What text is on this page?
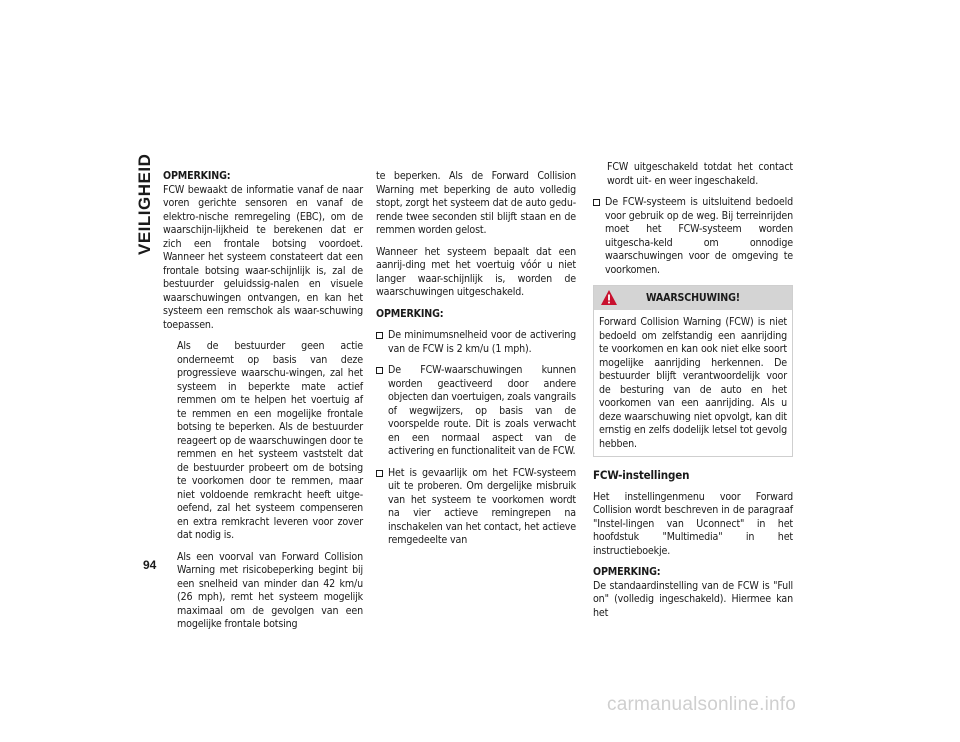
VEILIGHEID
94

OPMERKING:

FCW bewaakt de informatie vanaf de naar voren gerichte sensoren en vanaf de elektro-nische remregeling (EBC), om de waarschijn-lijkheid te berekenen dat er zich een frontale botsing voordoet. Wanneer het systeem constateert dat een frontale botsing waar-schijnlijk is, zal de bestuurder geluidssig-nalen en visuele waarschuwingen ontvangen, en kan het systeem een remschok als waar-schuwing toepassen.

Als de bestuurder geen actie onderneemt op basis van deze progressieve waarschu-wingen, zal het systeem in beperkte mate actief remmen om te helpen het voertuig af te remmen en een mogelijke frontale botsing te beperken. Als de bestuurder reageert op de waarschuwingen door te remmen en het systeem vaststelt dat de bestuurder probeert om de botsing te voorkomen door te remmen, maar niet voldoende remkracht heeft uitge-oefend, zal het systeem compenseren en extra remkracht leveren voor zover dat nodig is.

Als een voorval van Forward Collision Warning met risicobeperking begint bij een snelheid van minder dan 42 km/u (26 mph), remt het systeem mogelijk maximaal om de gevolgen van een mogelijke frontale botsing

te beperken. Als de Forward Collision Warning met beperking de auto volledig stopt, zorgt het systeem dat de auto gedu-rende twee seconden stil blijft staan en de remmen worden gelost.

Wanneer het systeem bepaalt dat een aanrij-ding met het voertuig vóór u niet langer waar-schijnlijk is, worden de waarschuwingen uitgeschakeld.

OPMERKING:

De minimumsnelheid voor de activering van de FCW is 2 km/u (1 mph).
De FCW-waarschuwingen kunnen worden geactiveerd door andere objecten dan voertuigen, zoals vangrails of wegwijzers, op basis van de voorspelde route. Dit is zoals verwacht en een normaal aspect van de activering en functionaliteit van de FCW.
Het is gevaarlijk om het FCW-systeem uit te proberen. Om dergelijke misbruik van het systeem te voorkomen wordt na vier actieve remingrepen na inschakelen van het contact, het actieve remgedeelte van

FCW uitgeschakeld totdat het contact wordt uit- en weer ingeschakeld.

De FCW-systeem is uitsluitend bedoeld voor gebruik op de weg. Bij terreinrijden moet het FCW-systeem worden uitgescha-keld om onnodige waarschuwingen voor de omgeving te voorkomen.
WAARSCHUWING!
Forward Collision Warning (FCW) is niet bedoeld om zelfstandig een aanrijding te voorkomen en kan ook niet elke soort mogelijke aanrijding herkennen. De bestuurder blijft verantwoordelijk voor de besturing van de auto en het voorkomen van een aanrijding. Als u deze waarschuwing niet opvolgt, kan dit ernstig en zelfs dodelijk letsel tot gevolg hebben.

FCW-instellingen

Het instellingenmenu voor Forward Collision wordt beschreven in de paragraaf "Instel-lingen van Uconnect" in het hoofdstuk "Multimedia" in het instructieboekje.

OPMERKING:

De standaardinstelling van de FCW is "Full on" (volledig ingeschakeld). Hiermee kan het

carmanualsonline.info
